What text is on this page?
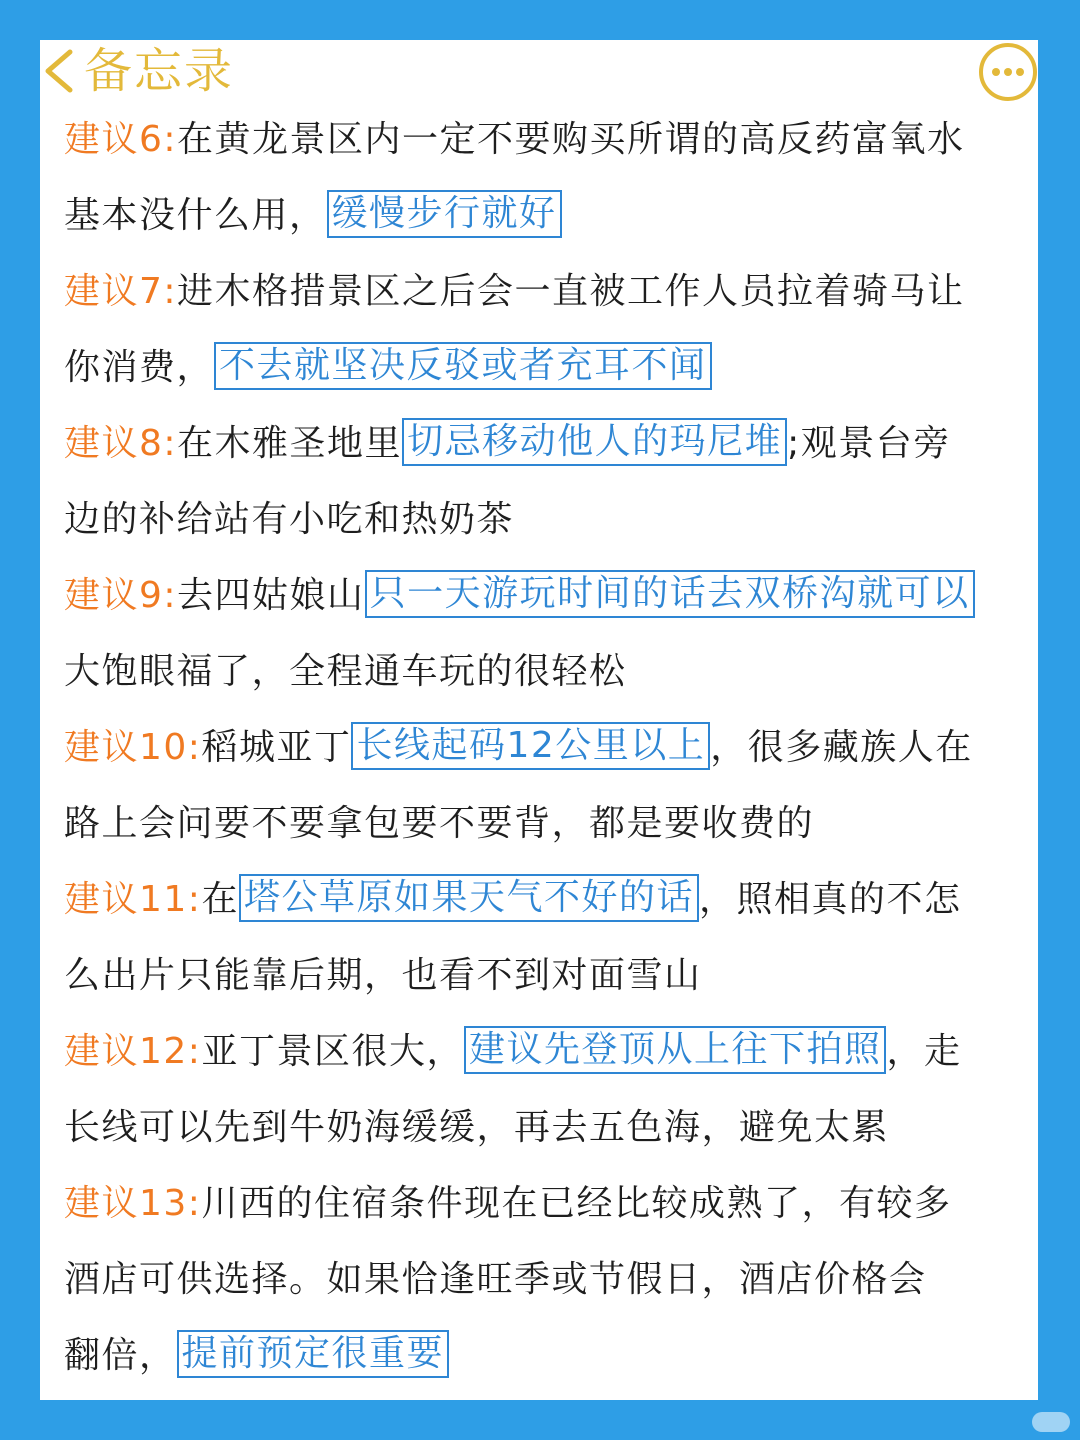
备忘录
建议6:在黄龙景区内一定不要购买所谓的高反药富氧水
基本没什么用， 缓慢步行就好
建议7:进木格措景区之后会一直被工作人员拉着骑马让
你消费， 不去就坚决反驳或者充耳不闻
建议8:在木雅圣地里 切忌移动他人的玛尼堆 ;观景台旁
边的补给站有小吃和热奶茶
建议9:去四姑娘山 只一天游玩时间的话去双桥沟就可以
大饱眼福了，全程通车玩的很轻松
建议10:稻城亚丁 长线起码12公里以上 ，很多藏族人在
路上会问要不要拿包要不要背，都是要收费的
建议11:在 塔公草原如果天气不好的话 ，照相真的不怎
么出片只能靠后期，也看不到对面雪山
建议12:亚丁景区很大， 建议先登顶从上往下拍照 ，走
长线可以先到牛奶海缓缓，再去五色海，避免太累
建议13:川西的住宿条件现在已经比较成熟了，有较多
酒店可供选择。如果恰逢旺季或节假日，酒店价格会
翻倍， 提前预定很重要
